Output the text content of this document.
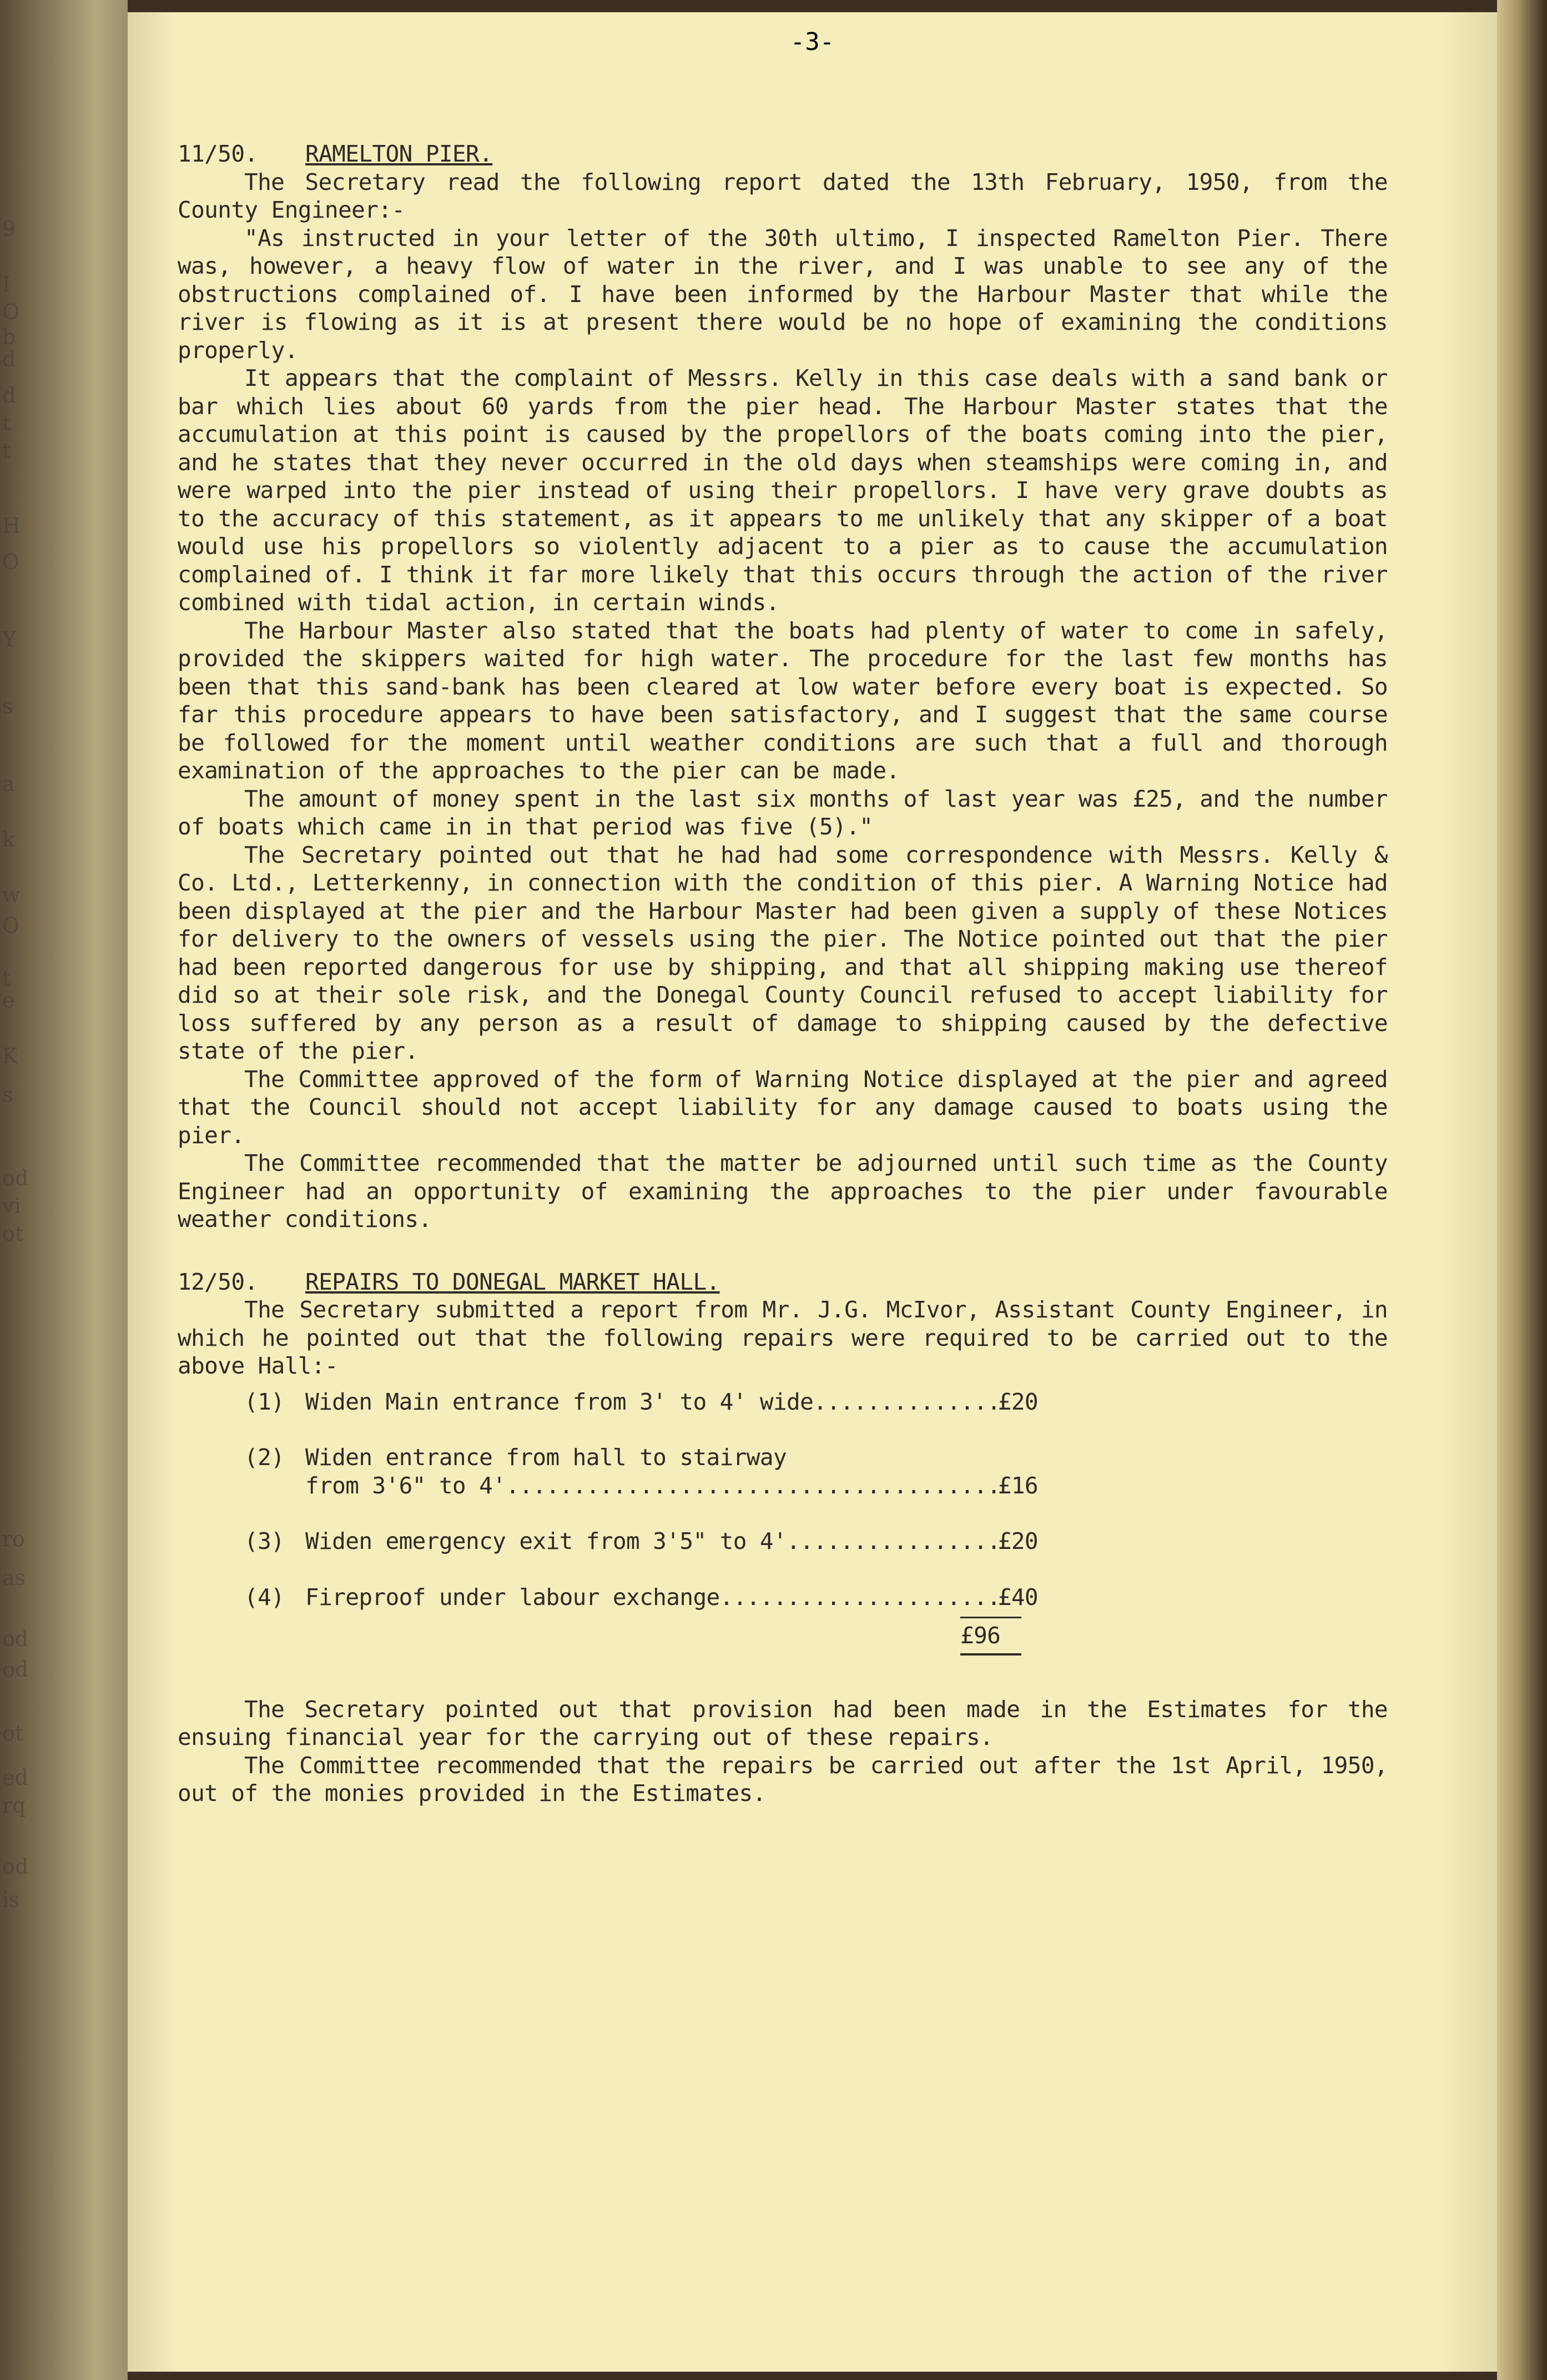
9
I
O
b
d
d
t
t
H
O
Y
s
a
k
w
O
t
e
K
s
od
vi
ot
ro
as
od
od
ot
ed
rq
od
is
-3-
11/50. RAMELTON PIER.

The Secretary read the following report dated the 13th February, 1950, from the County Engineer:-

"As instructed in your letter of the 30th ultimo, I inspected Ramelton Pier. There was, however, a heavy flow of water in the river, and I was unable to see any of the obstructions complained of. I have been informed by the Harbour Master that while the river is flowing as it is at present there would be no hope of examining the conditions properly.

It appears that the complaint of Messrs. Kelly in this case deals with a sand bank or bar which lies about 60 yards from the pier head. The Harbour Master states that the accumulation at this point is caused by the propellors of the boats coming into the pier, and he states that they never occurred in the old days when steamships were coming in, and were warped into the pier instead of using their propellors. I have very grave doubts as to the accuracy of this statement, as it appears to me unlikely that any skipper of a boat would use his propellors so violently adjacent to a pier as to cause the accumulation complained of. I think it far more likely that this occurs through the action of the river combined with tidal action, in certain winds.

The Harbour Master also stated that the boats had plenty of water to come in safely, provided the skippers waited for high water. The procedure for the last few months has been that this sand-bank has been cleared at low water before every boat is expected. So far this procedure appears to have been satisfactory, and I suggest that the same course be followed for the moment until weather conditions are such that a full and thorough examination of the approaches to the pier can be made.

The amount of money spent in the last six months of last year was £25, and the number of boats which came in in that period was five (5)."

The Secretary pointed out that he had had some correspondence with Messrs. Kelly & Co. Ltd., Letterkenny, in connection with the condition of this pier. A Warning Notice had been displayed at the pier and the Harbour Master had been given a supply of these Notices for delivery to the owners of vessels using the pier. The Notice pointed out that the pier had been reported dangerous for use by shipping, and that all shipping making use thereof did so at their sole risk, and the Donegal County Council refused to accept liability for loss suffered by any person as a result of damage to shipping caused by the defective state of the pier.

The Committee approved of the form of Warning Notice displayed at the pier and agreed that the Council should not accept liability for any damage caused to boats using the pier.

The Committee recommended that the matter be adjourned until such time as the County Engineer had an opportunity of examining the approaches to the pier under favourable weather conditions.

12/50. REPAIRS TO DONEGAL MARKET HALL.

The Secretary submitted a report from Mr. J.G. McIvor, Assistant County Engineer, in which he pointed out that the following repairs were required to be carried out to the above Hall:-

(1) Widen Main entrance from 3' to 4' wide .....	£20
(2) Widen entrance from hall to stairway
from 3'6" to 4' .....	£16
(3) Widen emergency exit from 3'5" to 4' .....	£20
(4) Fireproof under labour exchange .....	£40
£96

The Secretary pointed out that provision had been made in the Estimates for the ensuing financial year for the carrying out of these repairs.

The Committee recommended that the repairs be carried out after the 1st April, 1950, out of the monies provided in the Estimates.
